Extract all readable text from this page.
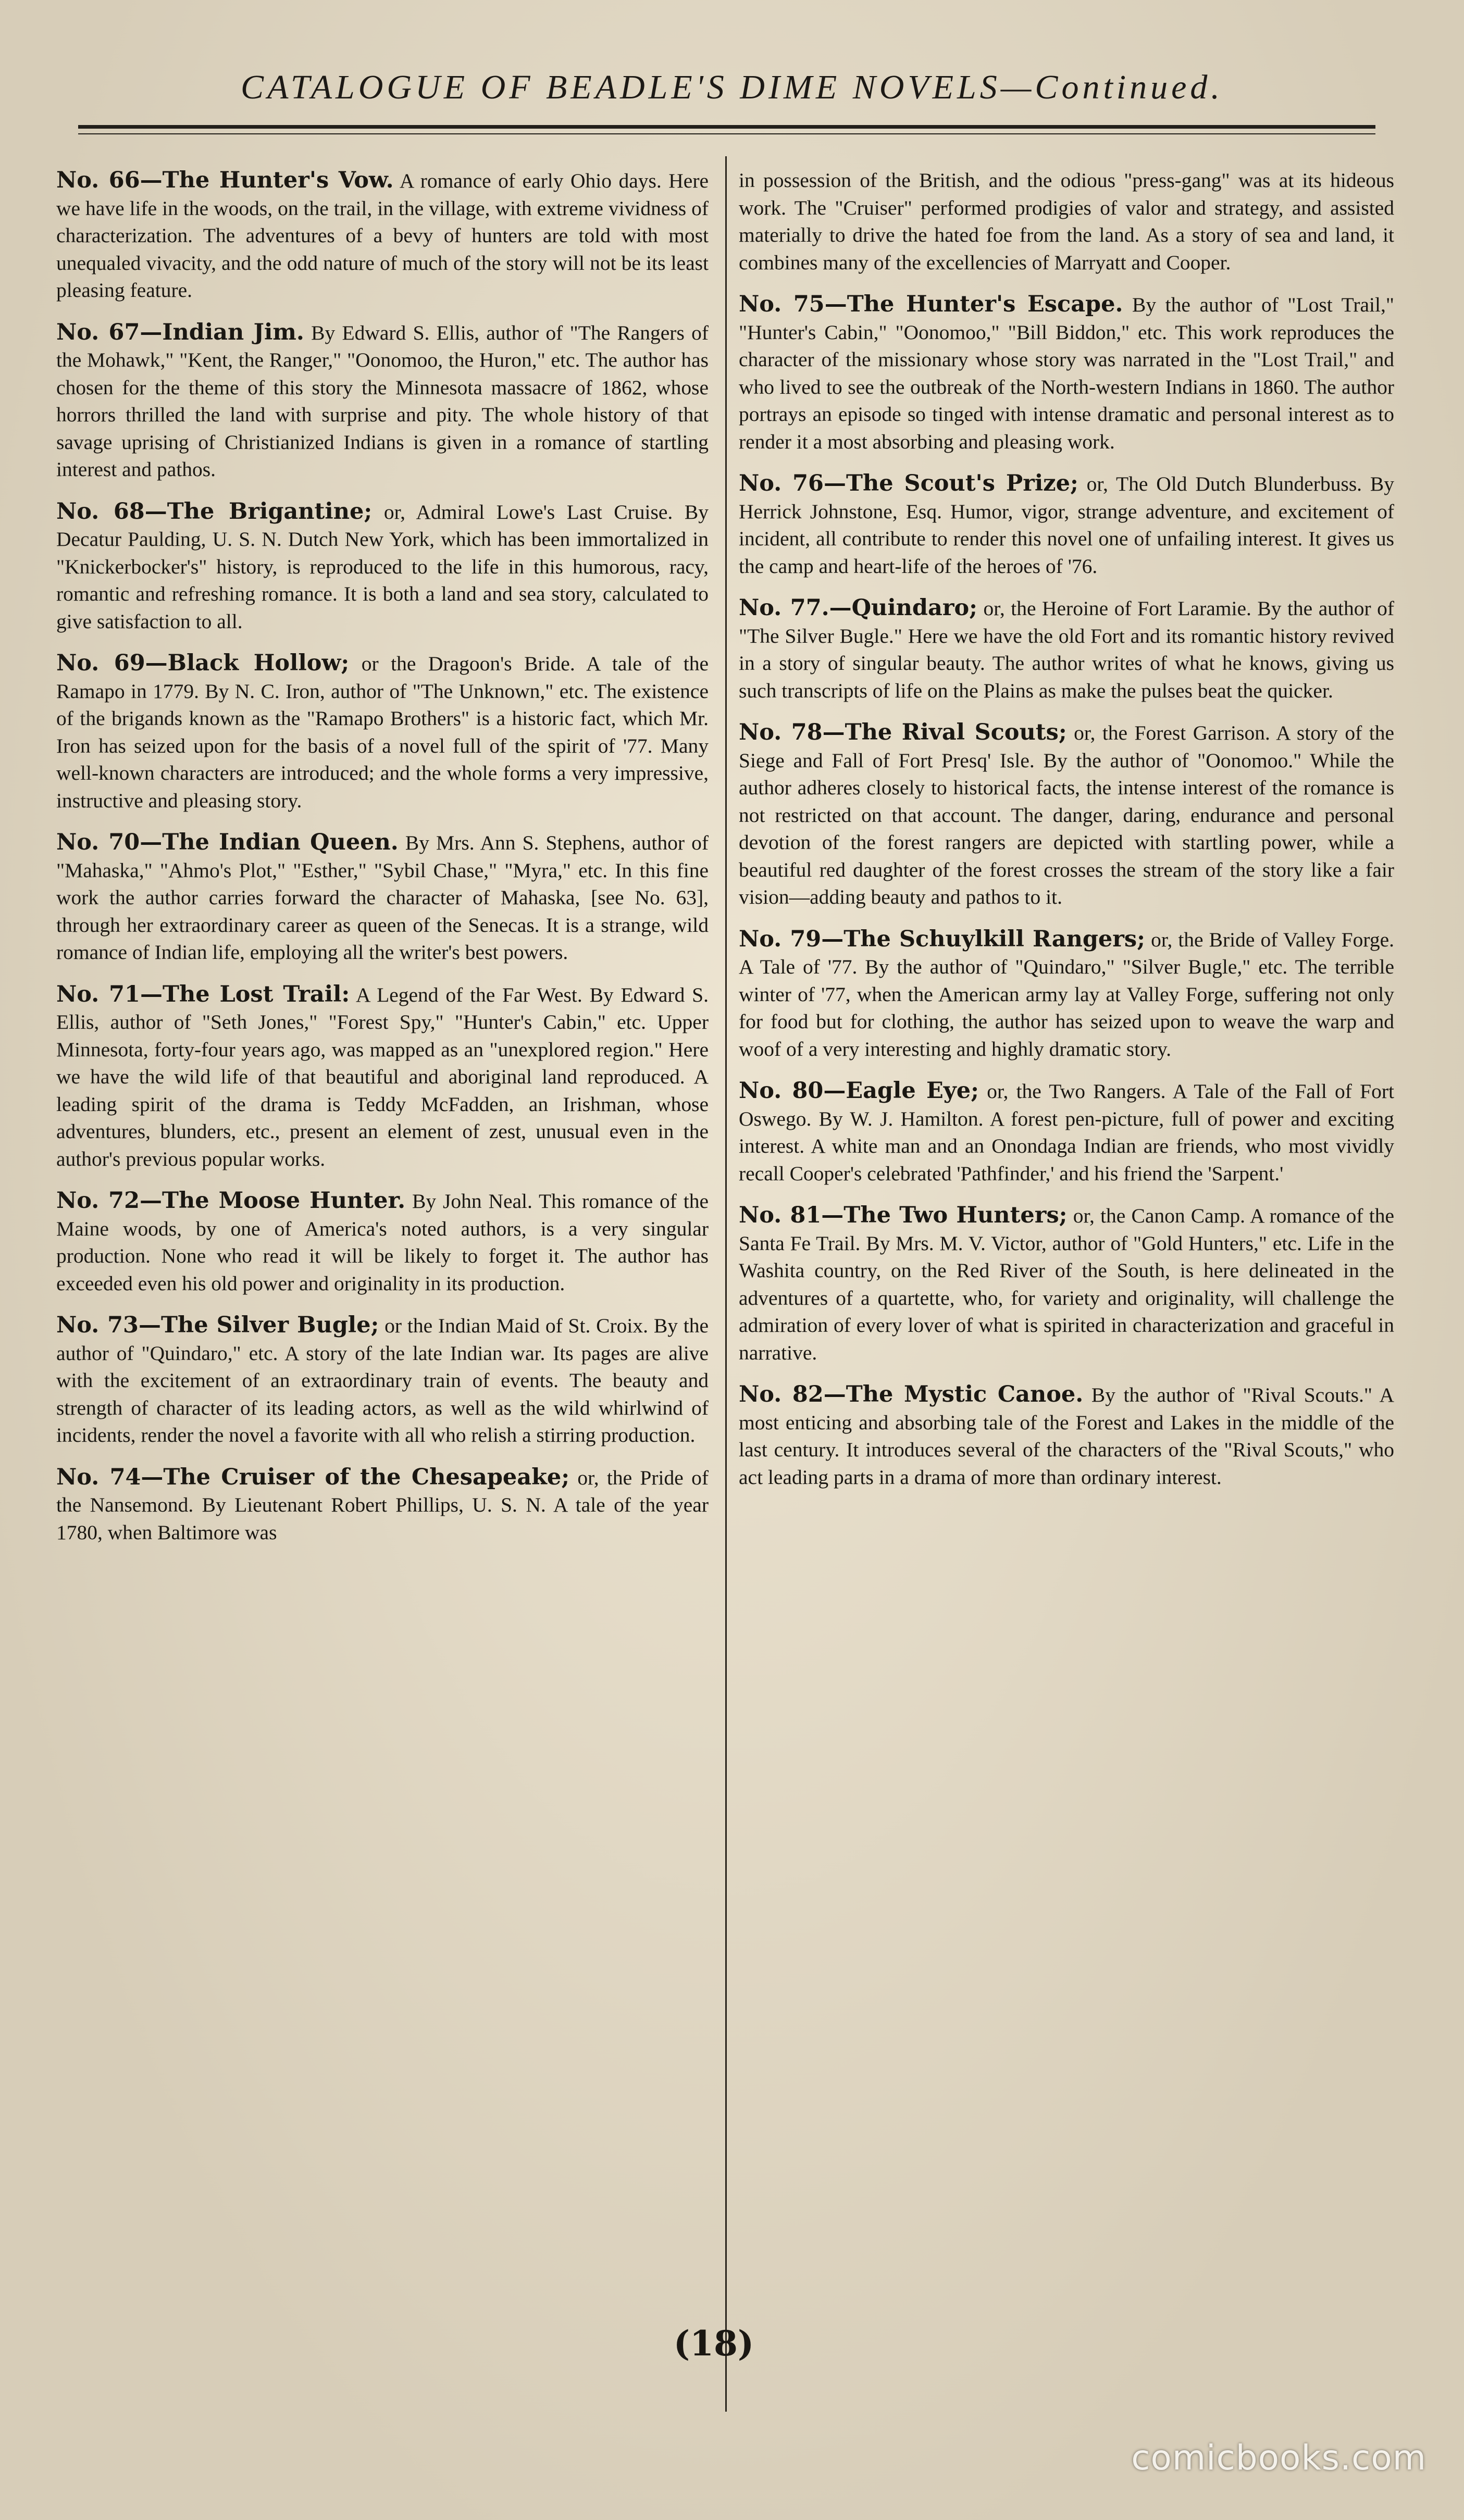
CATALOGUE OF BEADLE'S DIME NOVELS—Continued.

No. 66—The Hunter's Vow. A romance of early Ohio days. Here we have life in the woods, on the trail, in the village, with extreme vividness of characterization. The adventures of a bevy of hunters are told with most unequaled vivacity, and the odd nature of much of the story will not be its least pleasing feature.

No. 67—Indian Jim. By Edward S. Ellis, author of "The Rangers of the Mohawk," "Kent, the Ranger," "Oonomoo, the Huron," etc. The author has chosen for the theme of this story the Minnesota massacre of 1862, whose horrors thrilled the land with surprise and pity. The whole history of that savage uprising of Christianized Indians is given in a romance of startling interest and pathos.

No. 68—The Brigantine; or, Admiral Lowe's Last Cruise. By Decatur Paulding, U. S. N. Dutch New York, which has been immortalized in "Knickerbocker's" history, is reproduced to the life in this humorous, racy, romantic and refreshing romance. It is both a land and sea story, calculated to give satisfaction to all.

No. 69—Black Hollow; or the Dragoon's Bride. A tale of the Ramapo in 1779. By N. C. Iron, author of "The Unknown," etc. The existence of the brigands known as the "Ramapo Brothers" is a historic fact, which Mr. Iron has seized upon for the basis of a novel full of the spirit of '77. Many well-known characters are introduced; and the whole forms a very impressive, instructive and pleasing story.

No. 70—The Indian Queen. By Mrs. Ann S. Stephens, author of "Mahaska," "Ahmo's Plot," "Esther," "Sybil Chase," "Myra," etc. In this fine work the author carries forward the character of Mahaska, [see No. 63], through her extraordinary career as queen of the Senecas. It is a strange, wild romance of Indian life, employing all the writer's best powers.

No. 71—The Lost Trail: A Legend of the Far West. By Edward S. Ellis, author of "Seth Jones," "Forest Spy," "Hunter's Cabin," etc. Upper Minnesota, forty-four years ago, was mapped as an "unexplored region." Here we have the wild life of that beautiful and aboriginal land reproduced. A leading spirit of the drama is Teddy McFadden, an Irishman, whose adventures, blunders, etc., present an element of zest, unusual even in the author's previous popular works.

No. 72—The Moose Hunter. By John Neal. This romance of the Maine woods, by one of America's noted authors, is a very singular production. None who read it will be likely to forget it. The author has exceeded even his old power and originality in its production.

No. 73—The Silver Bugle; or the Indian Maid of St. Croix. By the author of "Quindaro," etc. A story of the late Indian war. Its pages are alive with the excitement of an extraordinary train of events. The beauty and strength of character of its leading actors, as well as the wild whirlwind of incidents, render the novel a favorite with all who relish a stirring production.

No. 74—The Cruiser of the Chesapeake; or, the Pride of the Nansemond. By Lieutenant Robert Phillips, U. S. N. A tale of the year 1780, when Baltimore was

in possession of the British, and the odious "press-gang" was at its hideous work. The "Cruiser" performed prodigies of valor and strategy, and assisted materially to drive the hated foe from the land. As a story of sea and land, it combines many of the excellencies of Marryatt and Cooper.

No. 75—The Hunter's Escape. By the author of "Lost Trail," "Hunter's Cabin," "Oonomoo," "Bill Biddon," etc. This work reproduces the character of the missionary whose story was narrated in the "Lost Trail," and who lived to see the outbreak of the North-western Indians in 1860. The author portrays an episode so tinged with intense dramatic and personal interest as to render it a most absorbing and pleasing work.

No. 76—The Scout's Prize; or, The Old Dutch Blunderbuss. By Herrick Johnstone, Esq. Humor, vigor, strange adventure, and excitement of incident, all contribute to render this novel one of unfailing interest. It gives us the camp and heart-life of the heroes of '76.

No. 77.—Quindaro; or, the Heroine of Fort Laramie. By the author of "The Silver Bugle." Here we have the old Fort and its romantic history revived in a story of singular beauty. The author writes of what he knows, giving us such transcripts of life on the Plains as make the pulses beat the quicker.

No. 78—The Rival Scouts; or, the Forest Garrison. A story of the Siege and Fall of Fort Presq' Isle. By the author of "Oonomoo." While the author adheres closely to historical facts, the intense interest of the romance is not restricted on that account. The danger, daring, endurance and personal devotion of the forest rangers are depicted with startling power, while a beautiful red daughter of the forest crosses the stream of the story like a fair vision—adding beauty and pathos to it.

No. 79—The Schuylkill Rangers; or, the Bride of Valley Forge. A Tale of '77. By the author of "Quindaro," "Silver Bugle," etc. The terrible winter of '77, when the American army lay at Valley Forge, suffering not only for food but for clothing, the author has seized upon to weave the warp and woof of a very interesting and highly dramatic story.

No. 80—Eagle Eye; or, the Two Rangers. A Tale of the Fall of Fort Oswego. By W. J. Hamilton. A forest pen-picture, full of power and exciting interest. A white man and an Onondaga Indian are friends, who most vividly recall Cooper's celebrated 'Pathfinder,' and his friend the 'Sarpent.'

No. 81—The Two Hunters; or, the Canon Camp. A romance of the Santa Fe Trail. By Mrs. M. V. Victor, author of "Gold Hunters," etc. Life in the Washita country, on the Red River of the South, is here delineated in the adventures of a quartette, who, for variety and originality, will challenge the admiration of every lover of what is spirited in characterization and graceful in narrative.

No. 82—The Mystic Canoe. By the author of "Rival Scouts." A most enticing and absorbing tale of the Forest and Lakes in the middle of the last century. It introduces several of the characters of the "Rival Scouts," who act leading parts in a drama of more than ordinary interest.

(18)
comicbooks.com
